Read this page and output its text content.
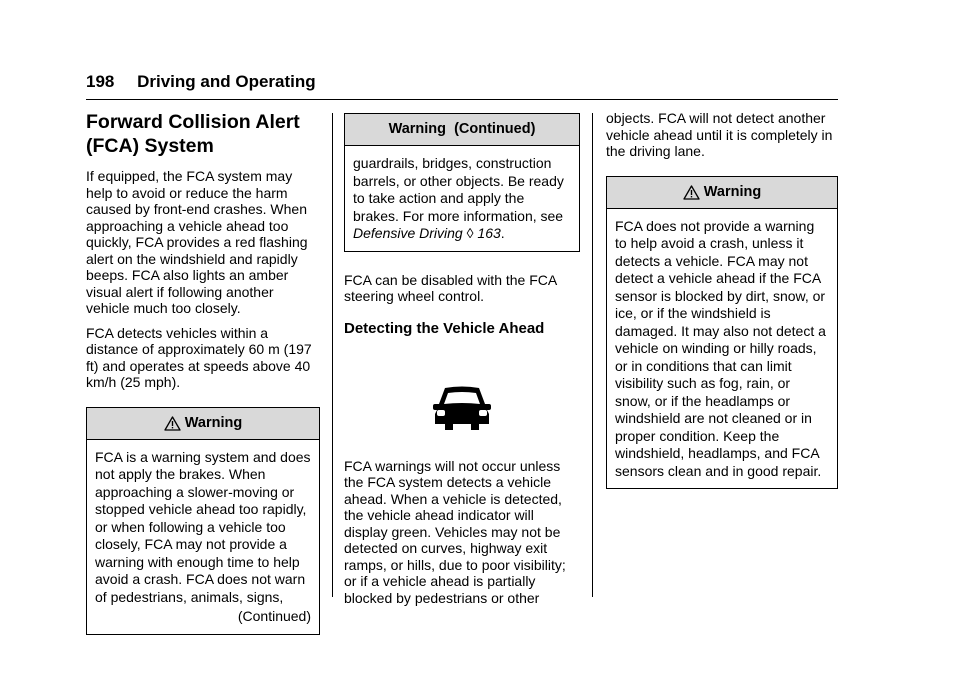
198 Driving and Operating
Forward Collision Alert
(FCA) System

If equipped, the FCA system may help to avoid or reduce the harm caused by front-end crashes. When approaching a vehicle ahead too quickly, FCA provides a red flashing alert on the windshield and rapidly beeps. FCA also lights an amber visual alert if following another vehicle much too closely.

FCA detects vehicles within a distance of approximately 60 m (197 ft) and operates at speeds above 40 km/h (25 mph).

Warning
FCA is a warning system and does not apply the brakes. When approaching a slower-moving or stopped vehicle ahead too rapidly, or when following a vehicle too closely, FCA may not provide a warning with enough time to help avoid a crash. FCA does not warn of pedestrians, animals, signs,
(Continued)
Warning  (Continued)
guardrails, bridges, construction barrels, or other objects. Be ready to take action and apply the brakes. For more information, see
Defensive Driving ◊ 163.

FCA can be disabled with the FCA steering wheel control.

Detecting the Vehicle Ahead

FCA warnings will not occur unless the FCA system detects a vehicle ahead. When a vehicle is detected, the vehicle ahead indicator will display green. Vehicles may not be detected on curves, highway exit ramps, or hills, due to poor visibility; or if a vehicle ahead is partially blocked by pedestrians or other

objects. FCA will not detect another vehicle ahead until it is completely in the driving lane.

Warning
FCA does not provide a warning to help avoid a crash, unless it detects a vehicle. FCA may not detect a vehicle ahead if the FCA sensor is blocked by dirt, snow, or ice, or if the windshield is damaged. It may also not detect a vehicle on winding or hilly roads, or in conditions that can limit visibility such as fog, rain, or snow, or if the headlamps or windshield are not cleaned or in proper condition. Keep the windshield, headlamps, and FCA sensors clean and in good repair.
